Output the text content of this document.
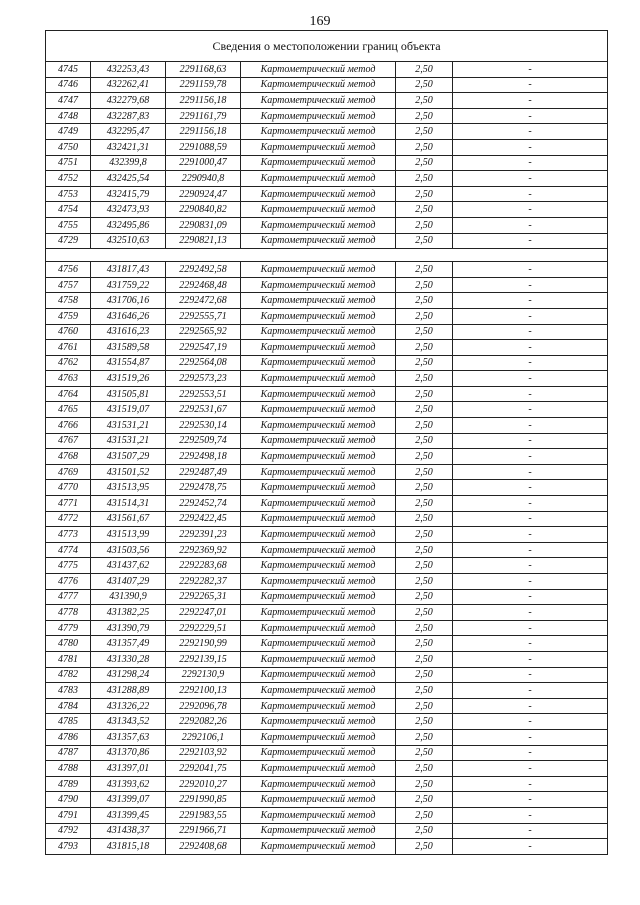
169
Сведения о местоположении границ объекта					
4745	432253,43	2291168,63	Картометрический метод	2,50	-
4746	432262,41	2291159,78	Картометрический метод	2,50	-
4747	432279,68	2291156,18	Картометрический метод	2,50	-
4748	432287,83	2291161,79	Картометрический метод	2,50	-
4749	432295,47	2291156,18	Картометрический метод	2,50	-
4750	432421,31	2291088,59	Картометрический метод	2,50	-
4751	432399,8	2291000,47	Картометрический метод	2,50	-
4752	432425,54	2290940,8	Картометрический метод	2,50	-
4753	432415,79	2290924,47	Картометрический метод	2,50	-
4754	432473,93	2290840,82	Картометрический метод	2,50	-
4755	432495,86	2290831,09	Картометрический метод	2,50	-
4729	432510,63	2290821,13	Картометрический метод	2,50	-

4756	431817,43	2292492,58	Картометрический метод	2,50	-
4757	431759,22	2292468,48	Картометрический метод	2,50	-
4758	431706,16	2292472,68	Картометрический метод	2,50	-
4759	431646,26	2292555,71	Картометрический метод	2,50	-
4760	431616,23	2292565,92	Картометрический метод	2,50	-
4761	431589,58	2292547,19	Картометрический метод	2,50	-
4762	431554,87	2292564,08	Картометрический метод	2,50	-
4763	431519,26	2292573,23	Картометрический метод	2,50	-
4764	431505,81	2292553,51	Картометрический метод	2,50	-
4765	431519,07	2292531,67	Картометрический метод	2,50	-
4766	431531,21	2292530,14	Картометрический метод	2,50	-
4767	431531,21	2292509,74	Картометрический метод	2,50	-
4768	431507,29	2292498,18	Картометрический метод	2,50	-
4769	431501,52	2292487,49	Картометрический метод	2,50	-
4770	431513,95	2292478,75	Картометрический метод	2,50	-
4771	431514,31	2292452,74	Картометрический метод	2,50	-
4772	431561,67	2292422,45	Картометрический метод	2,50	-
4773	431513,99	2292391,23	Картометрический метод	2,50	-
4774	431503,56	2292369,92	Картометрический метод	2,50	-
4775	431437,62	2292283,68	Картометрический метод	2,50	-
4776	431407,29	2292282,37	Картометрический метод	2,50	-
4777	431390,9	2292265,31	Картометрический метод	2,50	-
4778	431382,25	2292247,01	Картометрический метод	2,50	-
4779	431390,79	2292229,51	Картометрический метод	2,50	-
4780	431357,49	2292190,99	Картометрический метод	2,50	-
4781	431330,28	2292139,15	Картометрический метод	2,50	-
4782	431298,24	2292130,9	Картометрический метод	2,50	-
4783	431288,89	2292100,13	Картометрический метод	2,50	-
4784	431326,22	2292096,78	Картометрический метод	2,50	-
4785	431343,52	2292082,26	Картометрический метод	2,50	-
4786	431357,63	2292106,1	Картометрический метод	2,50	-
4787	431370,86	2292103,92	Картометрический метод	2,50	-
4788	431397,01	2292041,75	Картометрический метод	2,50	-
4789	431393,62	2292010,27	Картометрический метод	2,50	-
4790	431399,07	2291990,85	Картометрический метод	2,50	-
4791	431399,45	2291983,55	Картометрический метод	2,50	-
4792	431438,37	2291966,71	Картометрический метод	2,50	-
4793	431815,18	2292408,68	Картометрический метод	2,50	-
